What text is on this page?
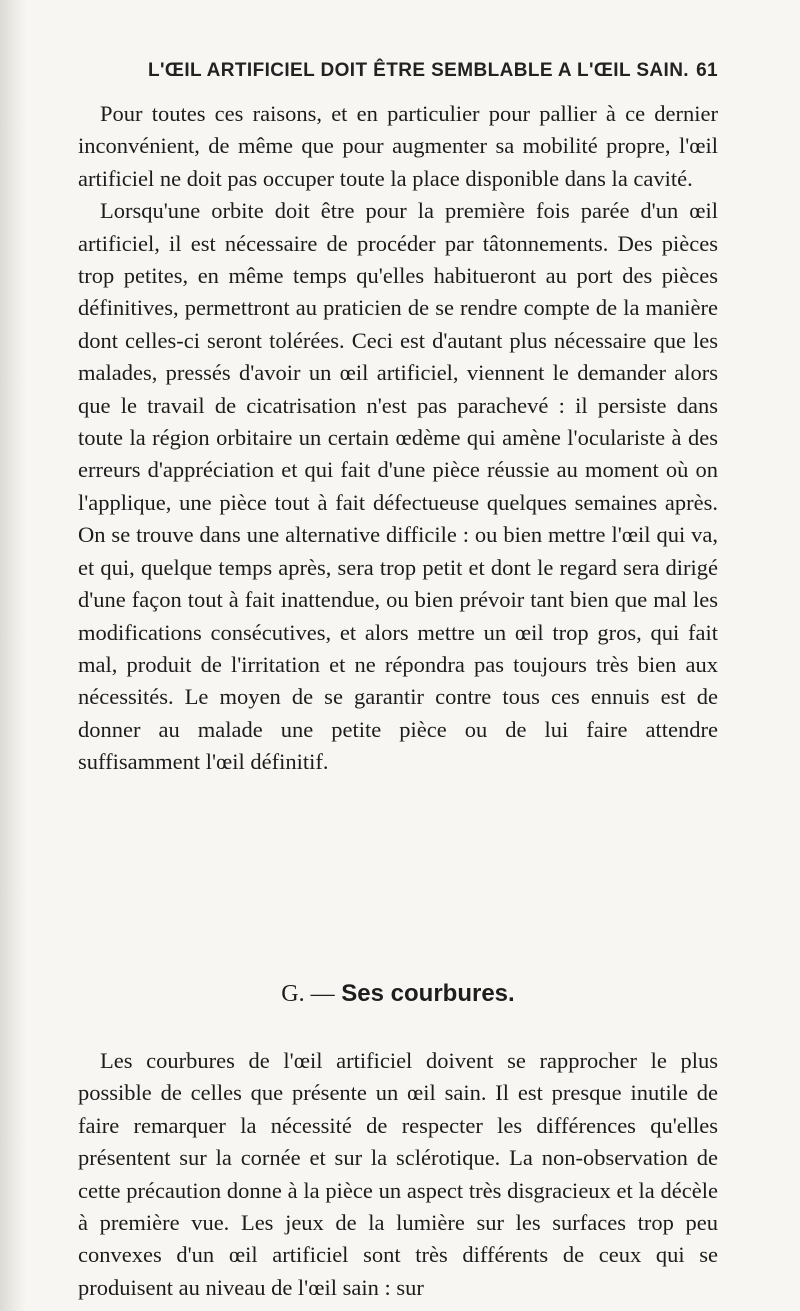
L'ŒIL ARTIFICIEL DOIT ÊTRE SEMBLABLE A L'ŒIL SAIN. 61

Pour toutes ces raisons, et en particulier pour pallier à ce dernier inconvénient, de même que pour augmenter sa mobilité propre, l'œil artificiel ne doit pas occuper toute la place disponible dans la cavité.

Lorsqu'une orbite doit être pour la première fois parée d'un œil artificiel, il est nécessaire de procéder par tâtonnements. Des pièces trop petites, en même temps qu'elles habitueront au port des pièces définitives, permettront au praticien de se rendre compte de la manière dont celles-ci seront tolérées. Ceci est d'autant plus nécessaire que les malades, pressés d'avoir un œil artificiel, viennent le demander alors que le travail de cicatrisation n'est pas parachevé : il persiste dans toute la région orbitaire un certain œdème qui amène l'oculariste à des erreurs d'appréciation et qui fait d'une pièce réussie au moment où on l'applique, une pièce tout à fait défectueuse quelques semaines après. On se trouve dans une alternative difficile : ou bien mettre l'œil qui va, et qui, quelque temps après, sera trop petit et dont le regard sera dirigé d'une façon tout à fait inattendue, ou bien prévoir tant bien que mal les modifications consécutives, et alors mettre un œil trop gros, qui fait mal, produit de l'irritation et ne répondra pas toujours très bien aux nécessités. Le moyen de se garantir contre tous ces ennuis est de donner au malade une petite pièce ou de lui faire attendre suffisamment l'œil définitif.

G. — Ses courbures.

Les courbures de l'œil artificiel doivent se rapprocher le plus possible de celles que présente un œil sain. Il est presque inutile de faire remarquer la nécessité de respecter les différences qu'elles présentent sur la cornée et sur la sclérotique. La non-observation de cette précaution donne à la pièce un aspect très disgracieux et la décèle à première vue. Les jeux de la lumière sur les surfaces trop peu convexes d'un œil artificiel sont très différents de ceux qui se produisent au niveau de l'œil sain : sur
